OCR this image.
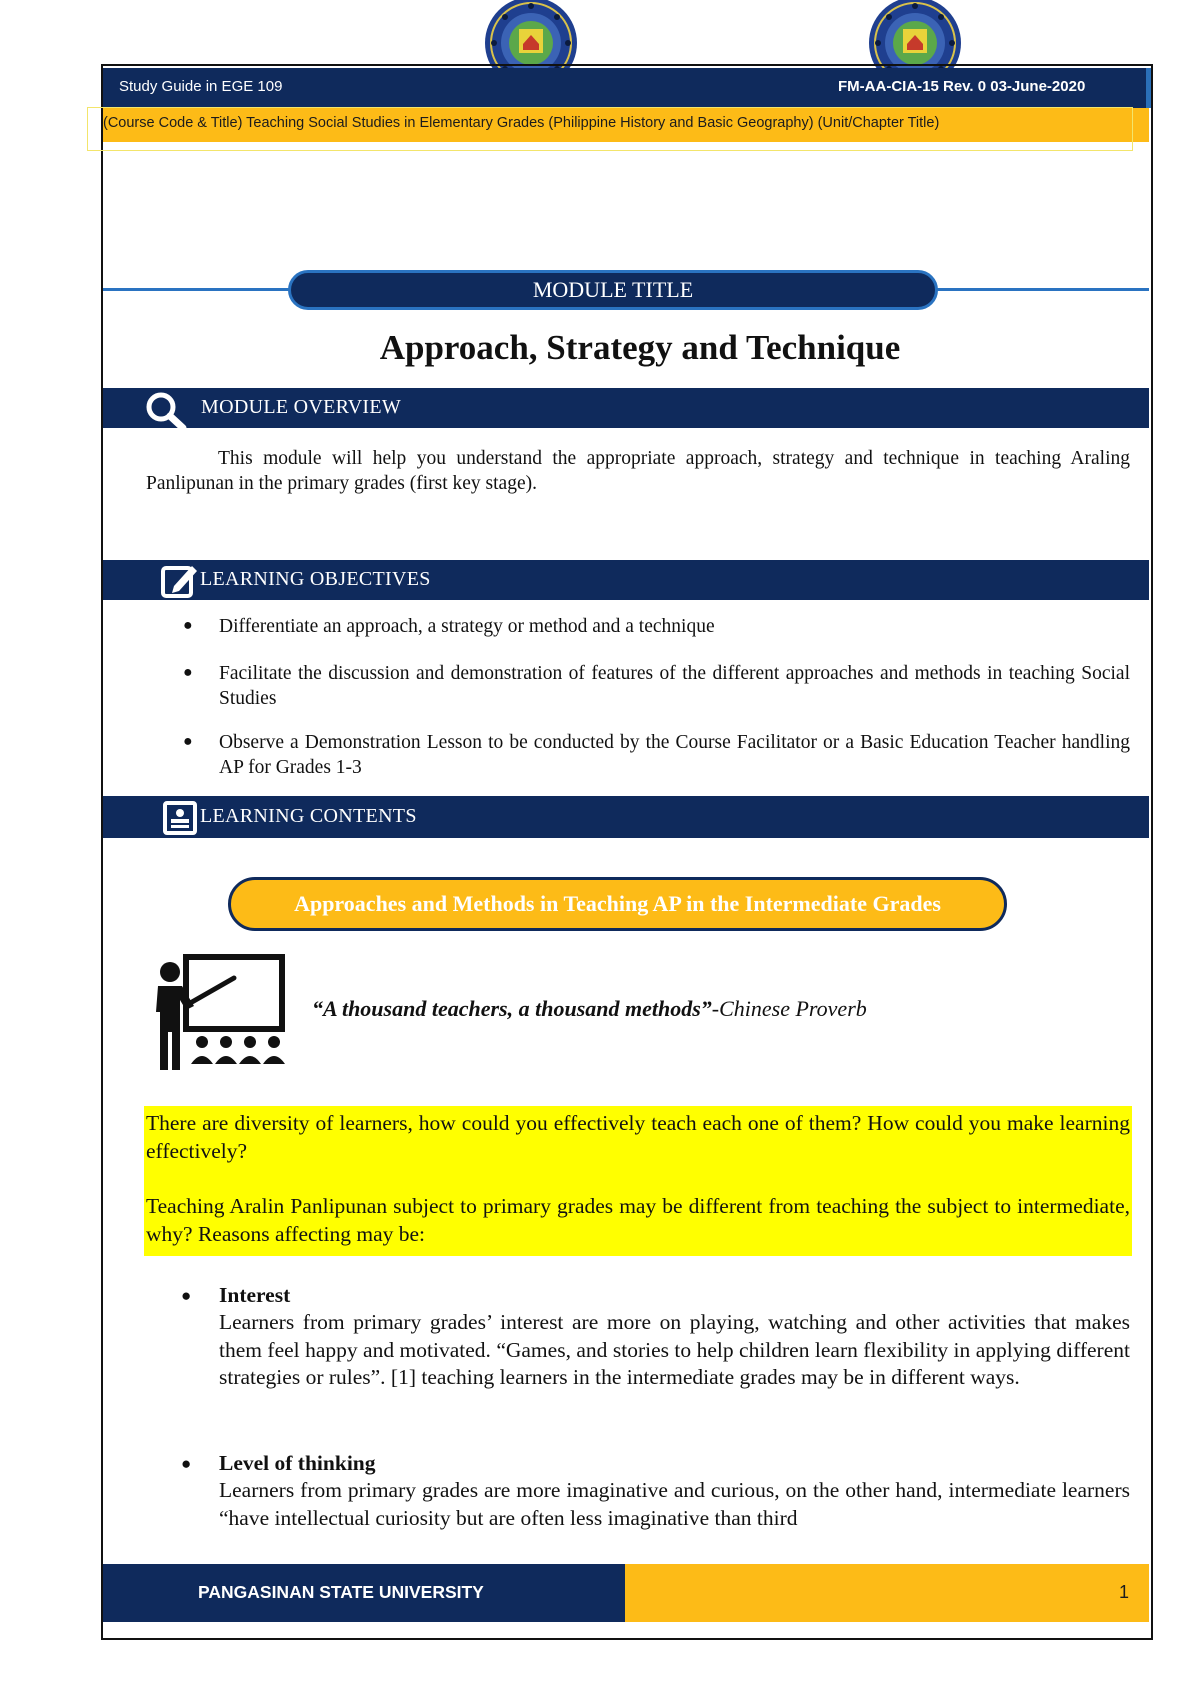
Study Guide in EGE 109	FM-AA-CIA-15 Rev. 0 03-June-2020
(Course Code & Title) Teaching Social Studies in Elementary Grades (Philippine History and Basic Geography) (Unit/Chapter Title)
MODULE TITLE
Approach, Strategy and Technique
MODULE OVERVIEW
This module will help you understand the appropriate approach, strategy and technique in teaching Araling Panlipunan in the primary grades (first key stage).
LEARNING OBJECTIVES
● Differentiate an approach, a strategy or method and a technique
● Facilitate the discussion and demonstration of features of the different approaches and methods in teaching Social Studies
● Observe a Demonstration Lesson to be conducted by the Course Facilitator or a Basic Education Teacher handling AP for Grades 1-3
LEARNING CONTENTS
Approaches and Methods in Teaching AP in the Intermediate Grades
“A thousand teachers, a thousand methods”-Chinese Proverb
There are diversity of learners, how could you effectively teach each one of them? How could you make learning effectively?
Teaching Aralin Panlipunan subject to primary grades may be different from teaching the subject to intermediate, why? Reasons affecting may be:
● Interest
Learners from primary grades’ interest are more on playing, watching and other activities that makes them feel happy and motivated. “Games, and stories to help children learn flexibility in applying different strategies or rules”. [1] teaching learners in the intermediate grades may be in different ways.
● Level of thinking
Learners from primary grades are more imaginative and curious, on the other hand, intermediate learners “have intellectual curiosity but are often less imaginative than third
PANGASINAN STATE UNIVERSITY	1
